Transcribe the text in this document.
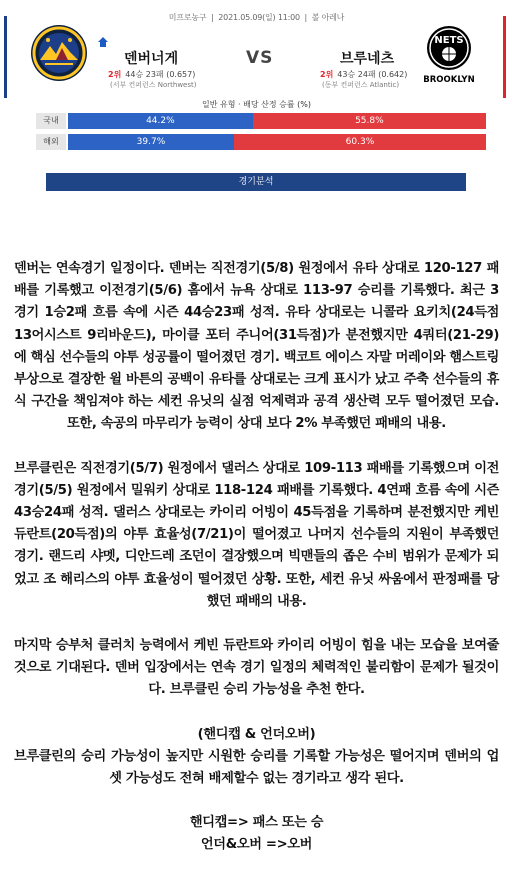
미프로농구  |  2021.05.09(일) 11:00  |  볼 아레나
덴버너게	VS	브루네츠
2위 44승 23패 (0.657)	2위 43승 24패 (0.642)
(서부 컨퍼런스 Northwest)	(동부 컨퍼런스 Atlantic)
NETS
BROOKLYN
일반 유형 · 배당 산정 승률 (%)
국내	44.2%	55.8%
해외	39.7%	60.3%
경기분석

덴버는 연속경기 일정이다. 덴버는 직전경기(5/8) 원정에서 유타 상대로 120-127 패배를 기록했고 이전경기(5/6) 홈에서 뉴욕 상대로 113-97 승리를 기록했다. 최근 3경기 1승2패 흐름 속에 시즌 44승23패 성적. 유타 상대로는 니콜라 요키치(24득점 13어시스트 9리바운드), 마이클 포터 주니어(31득점)가 분전했지만 4쿼터(21-29)에 핵심 선수들의 야투 성공률이 떨어졌던 경기. 백코트 에이스 자말 머레이와 햄스트링 부상으로 결장한 윌 바튼의 공백이 유타를 상대로는 크게 표시가 났고 주축 선수들의 휴식 구간을 책임져야 하는 세컨 유닛의 실점 억제력과 공격 생산력 모두 떨어졌던 모습. 또한, 속공의 마무리가 능력이 상대 보다 2% 부족했던 패배의 내용.

브루클린은 직전경기(5/7) 원정에서 댈러스 상대로 109-113 패배를 기록했으며 이전경기(5/5) 원정에서 밀워키 상대로 118-124 패배를 기록했다. 4연패 흐름 속에 시즌 43승24패 성적. 댈러스 상대로는 카이리 어빙이 45득점을 기록하며 분전했지만 케빈 듀란트(20득점)의 야투 효율성(7/21)이 떨어졌고 나머지 선수들의 지원이 부족했던 경기. 랜드리 샤멧, 디안드레 조던이 결장했으며 빅맨들의 좁은 수비 범위가 문제가 되었고 조 해리스의 야투 효율성이 떨어졌던 상황. 또한, 세컨 유닛 싸움에서 판정패를 당했던 패배의 내용.

마지막 승부처 클러치 능력에서 케빈 듀란트와 카이리 어빙이 힘을 내는 모습을 보여줄 것으로 기대된다. 덴버 입장에서는 연속 경기 일정의 체력적인 불리함이 문제가 될것이다. 브루클린 승리 가능성을 추천 한다.

(핸디캡 & 언더오버)

브루클린의 승리 가능성이 높지만 시원한 승리를 기록할 가능성은 떨어지며 덴버의 업셋 가능성도 전혀 배제할수 없는 경기라고 생각 된다.

핸디캡=> 패스 또는 승

언더&오버 =>오버
